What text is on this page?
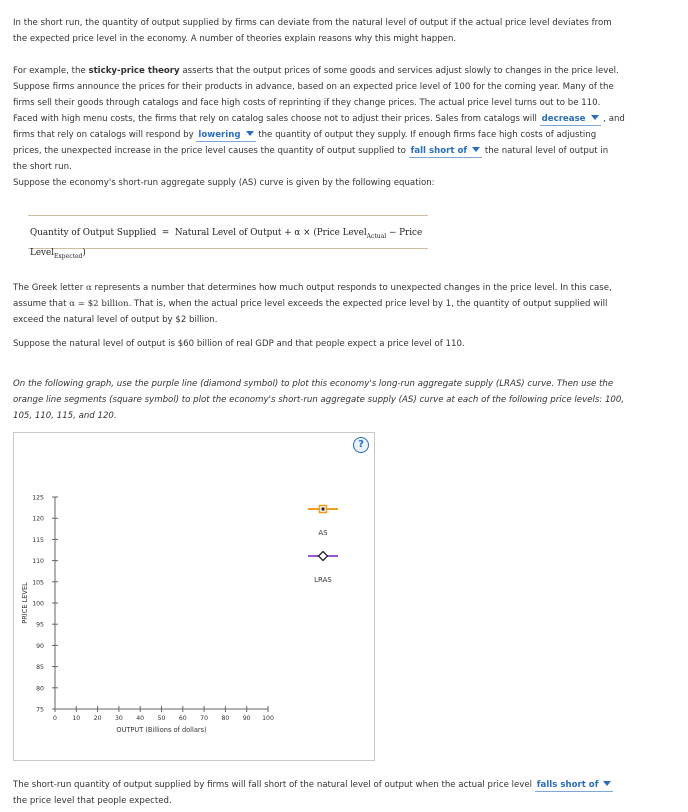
In the short run, the quantity of output supplied by firms can deviate from the natural level of output if the actual price level deviates from the expected price level in the economy. A number of theories explain reasons why this might happen.

For example, the sticky-price theory asserts that the output prices of some goods and services adjust slowly to changes in the price level. Suppose firms announce the prices for their products in advance, based on an expected price level of 100 for the coming year. Many of the firms sell their goods through catalogs and face high costs of reprinting if they change prices. The actual price level turns out to be 110. Faced with high menu costs, the firms that rely on catalog sales choose not to adjust their prices. Sales from catalogs will decrease , and firms that rely on catalogs will respond by lowering the quantity of output they supply. If enough firms face high costs of adjusting prices, the unexpected increase in the price level causes the quantity of output supplied to fall short of the natural level of output in the short run.

Suppose the economy's short-run aggregate supply (AS) curve is given by the following equation:

Quantity of Output Supplied = Natural Level of Output + α × (Price Level$_{Actual}$ − Price Level$_{Expected}$)

The Greek letter α represents a number that determines how much output responds to unexpected changes in the price level. In this case, assume that α = $2 billion. That is, when the actual price level exceeds the expected price level by 1, the quantity of output supplied will exceed the natural level of output by $2 billion.

Suppose the natural level of output is $60 billion of real GDP and that people expect a price level of 110.

On the following graph, use the purple line (diamond symbol) to plot this economy's long-run aggregate supply (LRAS) curve. Then use the orange line segments (square symbol) to plot the economy's short-run aggregate supply (AS) curve at each of the following price levels: 100, 105, 110, 115, and 120.

?
75
80
85
90
95
100
105
110
115
120
125
0 10 20 30 40 50 60 70 80 90 100
OUTPUT (Billions of dollars)
PRICE LEVEL
AS
LRAS

The short-run quantity of output supplied by firms will fall short of the natural level of output when the actual price level falls short of the price level that people expected.
